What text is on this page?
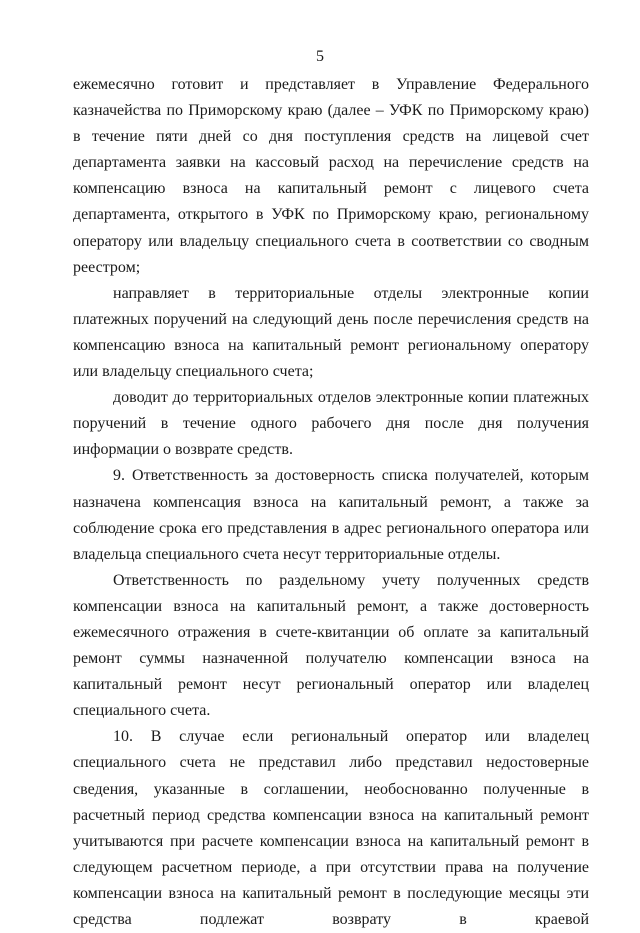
5

ежемесячно готовит и представляет в Управление Федерального казначейства по Приморскому краю (далее – УФК по Приморскому краю) в течение пяти дней со дня поступления средств на лицевой счет департамента заявки на кассовый расход на перечисление средств на компенсацию взноса на капитальный ремонт с лицевого счета департамента, открытого в УФК по Приморскому краю, региональному оператору или владельцу специального счета в соответствии со сводным реестром;

направляет в территориальные отделы электронные копии платежных поручений на следующий день после перечисления средств на компенсацию взноса на капитальный ремонт региональному оператору или владельцу специального счета;

доводит до территориальных отделов электронные копии платежных поручений в течение одного рабочего дня после дня получения информации о возврате средств.

9. Ответственность за достоверность списка получателей, которым назначена компенсация взноса на капитальный ремонт, а также за соблюдение срока его представления в адрес регионального оператора или владельца специального счета несут территориальные отделы.

Ответственность по раздельному учету полученных средств компенсации взноса на капитальный ремонт, а также достоверность ежемесячного отражения в счете-квитанции об оплате за капитальный ремонт суммы назначенной получателю компенсации взноса на капитальный ремонт несут региональный оператор или владелец специального счета.

10. В случае если региональный оператор или владелец специального счета не представил либо представил недостоверные сведения, указанные в соглашении, необоснованно полученные в расчетный период средства компенсации взноса на капитальный ремонт учитываются при расчете компенсации взноса на капитальный ремонт в следующем расчетном периоде, а при отсутствии права на получение компенсации взноса на капитальный ремонт в последующие месяцы эти средства подлежат возврату в краевой
